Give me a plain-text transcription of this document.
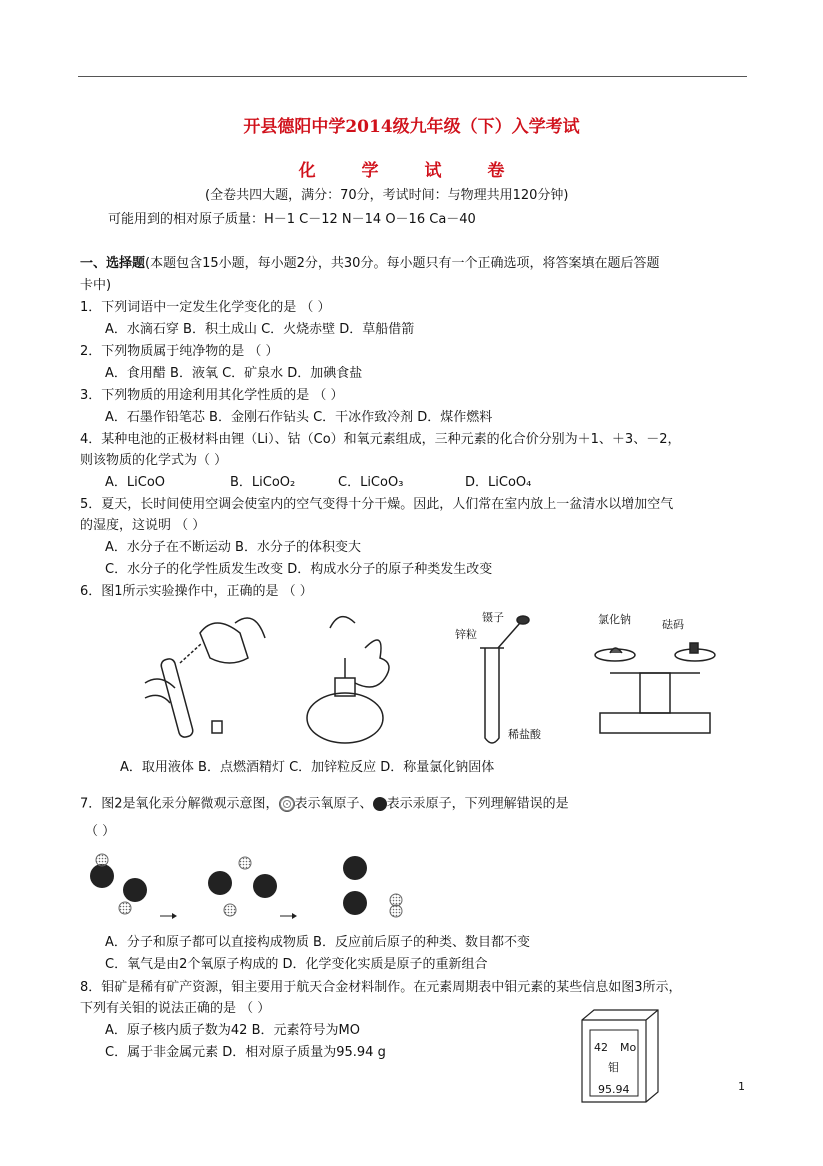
开县德阳中学2014级九年级（下）入学考试
化 学 试 卷
(全卷共四大题，满分：70分，考试时间：与物理共用120分钟)
可能用到的相对原子质量：H－1 C－12 N－14 O－16 Ca－40
一、选择题(本题包含15小题，每小题2分，共30分。每小题只有一个正确选项，将答案填在题后答题
卡中)
1．下列词语中一定发生化学变化的是 （ ）
A．水滴石穿 B．积土成山 C．火烧赤壁 D．草船借箭
2．下列物质属于纯净物的是 （ ）
A．食用醋 B．液氧 C．矿泉水 D．加碘食盐
3．下列物质的用途利用其化学性质的是 （ ）
A．石墨作铅笔芯 B．金刚石作钻头 C．干冰作致冷剂 D．煤作燃料
4．某种电池的正极材料由锂（Li）、钴（Co）和氧元素组成，三种元素的化合价分别为＋1、＋3、－2，
则该物质的化学式为（ ）
A．LiCoO	B．LiCoO₂	C．LiCoO₃	D．LiCoO₄
5．夏天，长时间使用空调会使室内的空气变得十分干燥。因此，人们常在室内放上一盆清水以增加空气
的湿度，这说明 （ ）
A．水分子在不断运动 B．水分子的体积变大
C．水分子的化学性质发生改变 D．构成水分子的原子种类发生改变
6．图1所示实验操作中，正确的是 （ ）
镊子
锌粒
稀盐酸
氯化钠	砝码
A．取用液体 B．点燃酒精灯 C．加锌粒反应 D．称量氯化钠固体
7．图2是氧化汞分解微观示意图， 表示氧原子、 表示汞原子，下列理解错误的是
（ ）
A．分子和原子都可以直接构成物质 B．反应前后原子的种类、数目都不变
C．氧气是由2个氧原子构成的 D．化学变化实质是原子的重新组合
8．钼矿是稀有矿产资源，钼主要用于航天合金材料制作。在元素周期表中钼元素的某些信息如图3所示，
下列有关钼的说法正确的是 （ ）
A．原子核内质子数为42 B．元素符号为MO
C．属于非金属元素 D．相对原子质量为95.94 g	42 Mo
钼
95.94	1
